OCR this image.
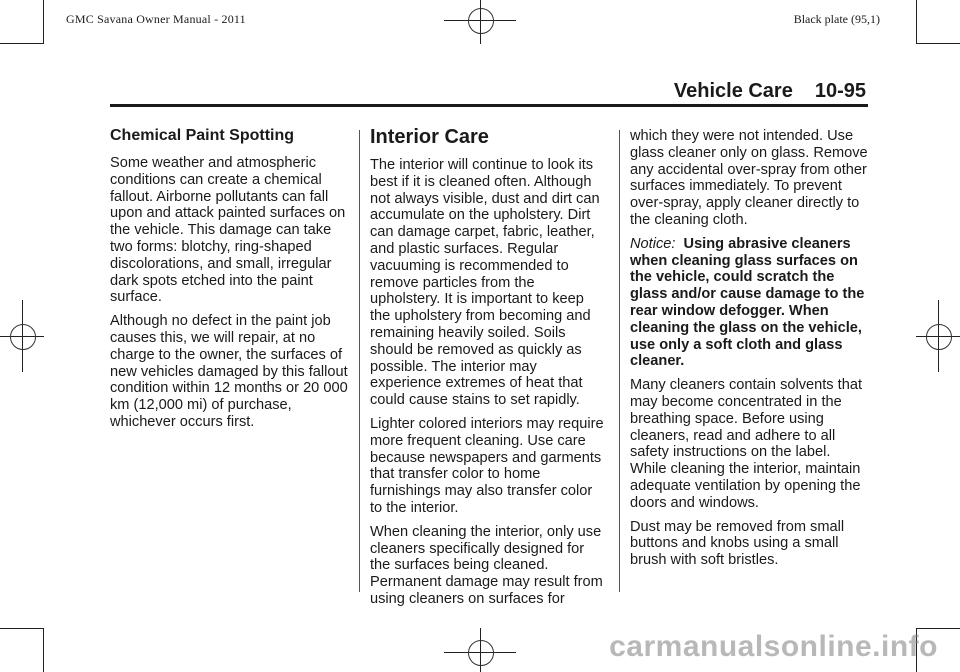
GMC Savana Owner Manual - 2011	Black plate (95,1)
Vehicle Care 10-95
Chemical Paint Spotting

Some weather and atmospheric conditions can create a chemical fallout. Airborne pollutants can fall upon and attack painted surfaces on the vehicle. This damage can take two forms: blotchy, ring-shaped discolorations, and small, irregular dark spots etched into the paint surface.

Although no defect in the paint job causes this, we will repair, at no charge to the owner, the surfaces of new vehicles damaged by this fallout condition within 12 months or 20 000 km (12,000 mi) of purchase, whichever occurs first.

Interior Care

The interior will continue to look its best if it is cleaned often. Although not always visible, dust and dirt can accumulate on the upholstery. Dirt can damage carpet, fabric, leather, and plastic surfaces. Regular vacuuming is recommended to remove particles from the upholstery. It is important to keep the upholstery from becoming and remaining heavily soiled. Soils should be removed as quickly as possible. The interior may experience extremes of heat that could cause stains to set rapidly.

Lighter colored interiors may require more frequent cleaning. Use care because newspapers and garments that transfer color to home furnishings may also transfer color to the interior.

When cleaning the interior, only use cleaners specifically designed for the surfaces being cleaned. Permanent damage may result from using cleaners on surfaces for

which they were not intended. Use glass cleaner only on glass. Remove any accidental over-spray from other surfaces immediately. To prevent over-spray, apply cleaner directly to the cleaning cloth.

Notice: Using abrasive cleaners when cleaning glass surfaces on the vehicle, could scratch the glass and/or cause damage to the rear window defogger. When cleaning the glass on the vehicle, use only a soft cloth and glass cleaner.

Many cleaners contain solvents that may become concentrated in the breathing space. Before using cleaners, read and adhere to all safety instructions on the label. While cleaning the interior, maintain adequate ventilation by opening the doors and windows.

Dust may be removed from small buttons and knobs using a small brush with soft bristles.

carmanualsonline.info
